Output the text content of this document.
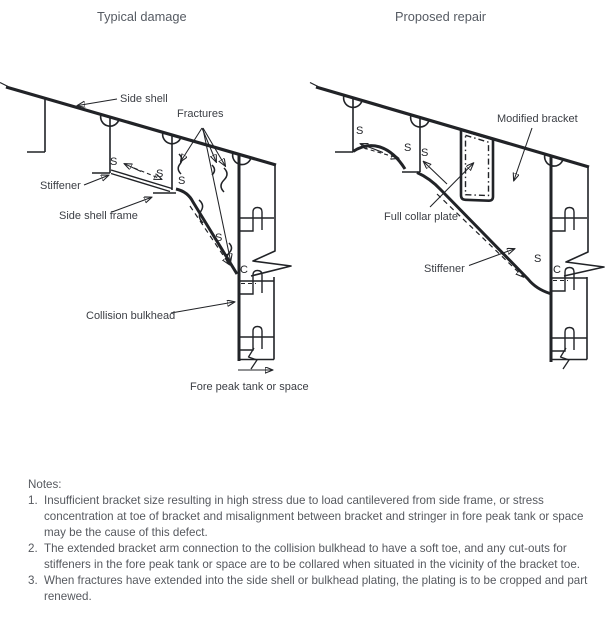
Typical damage
Side shell
Fractures
Stiffener
Side shell frame
Collision bulkhead
Fore peak tank or space
S
S
S
S
C
Proposed repair
Modified bracket
Full collar plate
Stiffener
S
S S
S
C
Notes:
1. Insufficient bracket size resulting in high stress due to load cantilevered from side frame, or stress concentration at toe of bracket and misalignment between bracket and stringer in fore peak tank or space may be the cause of this defect.
2. The extended bracket arm connection to the collision bulkhead to have a soft toe, and any cut-outs for stiffeners in the fore peak tank or space are to be collared when situated in the vicinity of the bracket toe.
3. When fractures have extended into the side shell or bulkhead plating, the plating is to be cropped and part renewed.
